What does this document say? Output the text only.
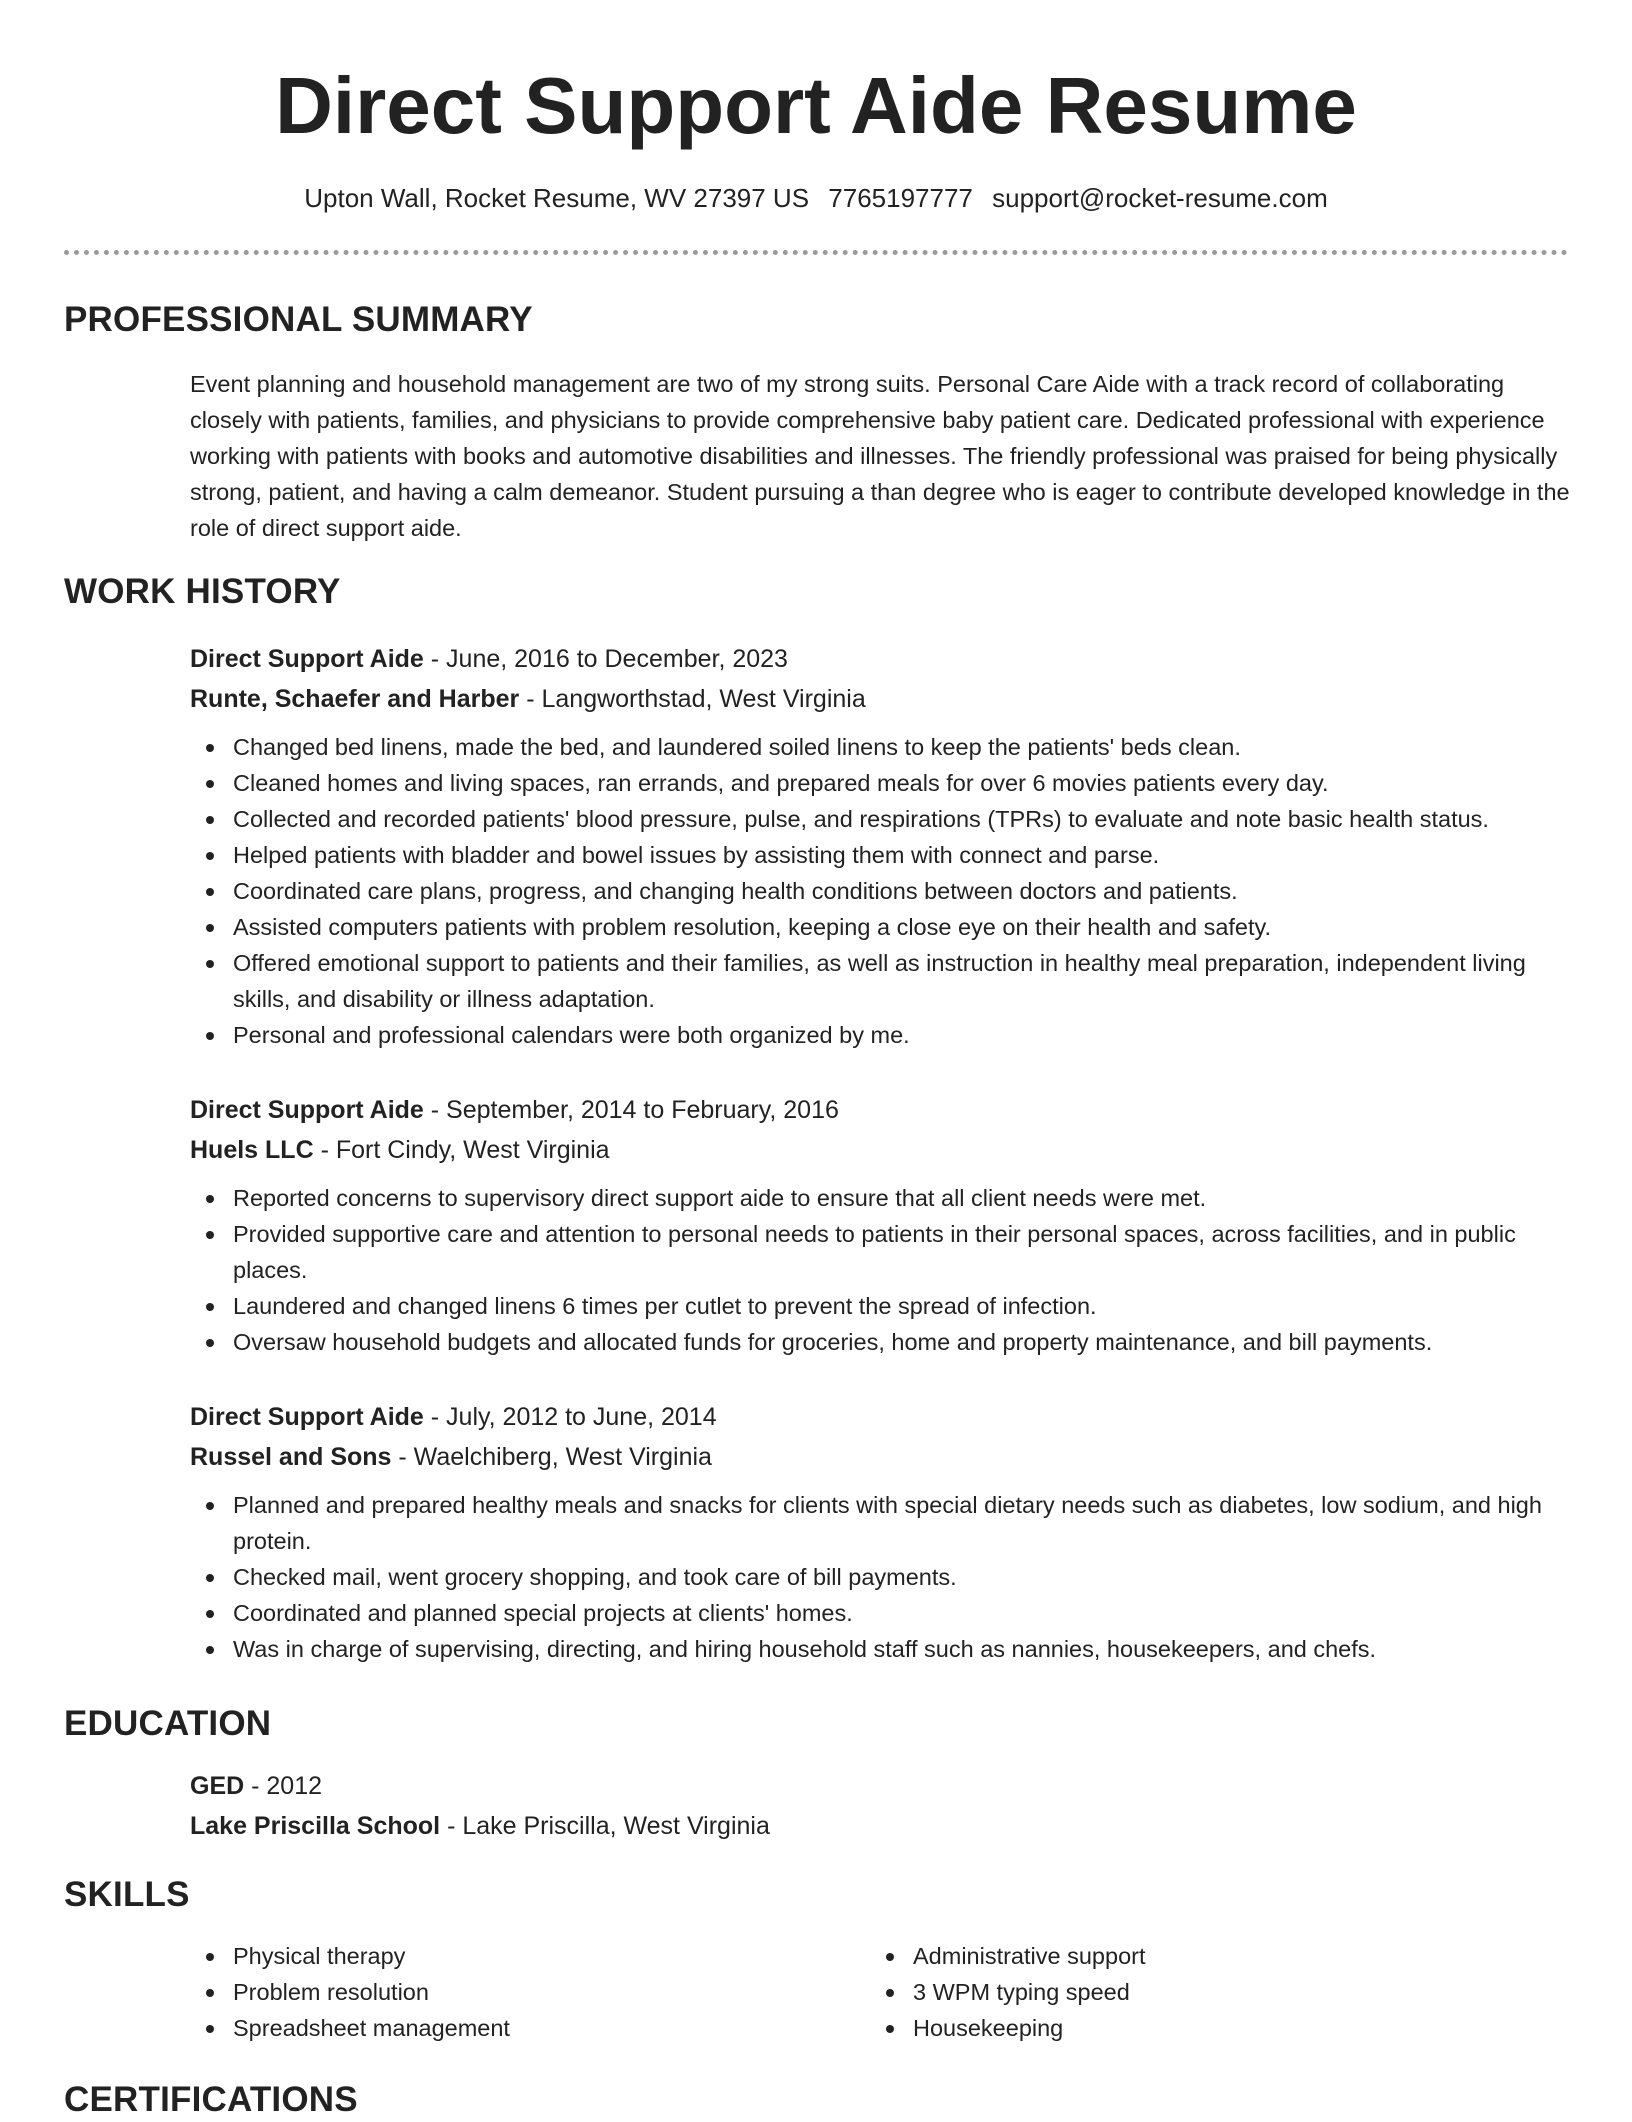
Direct Support Aide Resume
Upton Wall, Rocket Resume, WV 27397 US 7765197777 support@rocket-resume.com
PROFESSIONAL SUMMARY

Event planning and household management are two of my strong suits. Personal Care Aide with a track record of collaborating closely with patients, families, and physicians to provide comprehensive baby patient care. Dedicated professional with experience working with patients with books and automotive disabilities and illnesses. The friendly professional was praised for being physically strong, patient, and having a calm demeanor. Student pursuing a than degree who is eager to contribute developed knowledge in the role of direct support aide.

WORK HISTORY
Direct Support Aide - June, 2016 to December, 2023
Runte, Schaefer and Harber - Langworthstad, West Virginia
Changed bed linens, made the bed, and laundered soiled linens to keep the patients' beds clean.
Cleaned homes and living spaces, ran errands, and prepared meals for over 6 movies patients every day.
Collected and recorded patients' blood pressure, pulse, and respirations (TPRs) to evaluate and note basic health status.
Helped patients with bladder and bowel issues by assisting them with connect and parse.
Coordinated care plans, progress, and changing health conditions between doctors and patients.
Assisted computers patients with problem resolution, keeping a close eye on their health and safety.
Offered emotional support to patients and their families, as well as instruction in healthy meal preparation, independent living skills, and disability or illness adaptation.
Personal and professional calendars were both organized by me.
Direct Support Aide - September, 2014 to February, 2016
Huels LLC - Fort Cindy, West Virginia
Reported concerns to supervisory direct support aide to ensure that all client needs were met.
Provided supportive care and attention to personal needs to patients in their personal spaces, across facilities, and in public places.
Laundered and changed linens 6 times per cutlet to prevent the spread of infection.
Oversaw household budgets and allocated funds for groceries, home and property maintenance, and bill payments.
Direct Support Aide - July, 2012 to June, 2014
Russel and Sons - Waelchiberg, West Virginia
Planned and prepared healthy meals and snacks for clients with special dietary needs such as diabetes, low sodium, and high protein.
Checked mail, went grocery shopping, and took care of bill payments.
Coordinated and planned special projects at clients' homes.
Was in charge of supervising, directing, and hiring household staff such as nannies, housekeepers, and chefs.
EDUCATION
GED - 2012
Lake Priscilla School - Lake Priscilla, West Virginia
SKILLS
Physical therapy
Problem resolution
Spreadsheet management
Administrative support
3 WPM typing speed
Housekeeping
CERTIFICATIONS
